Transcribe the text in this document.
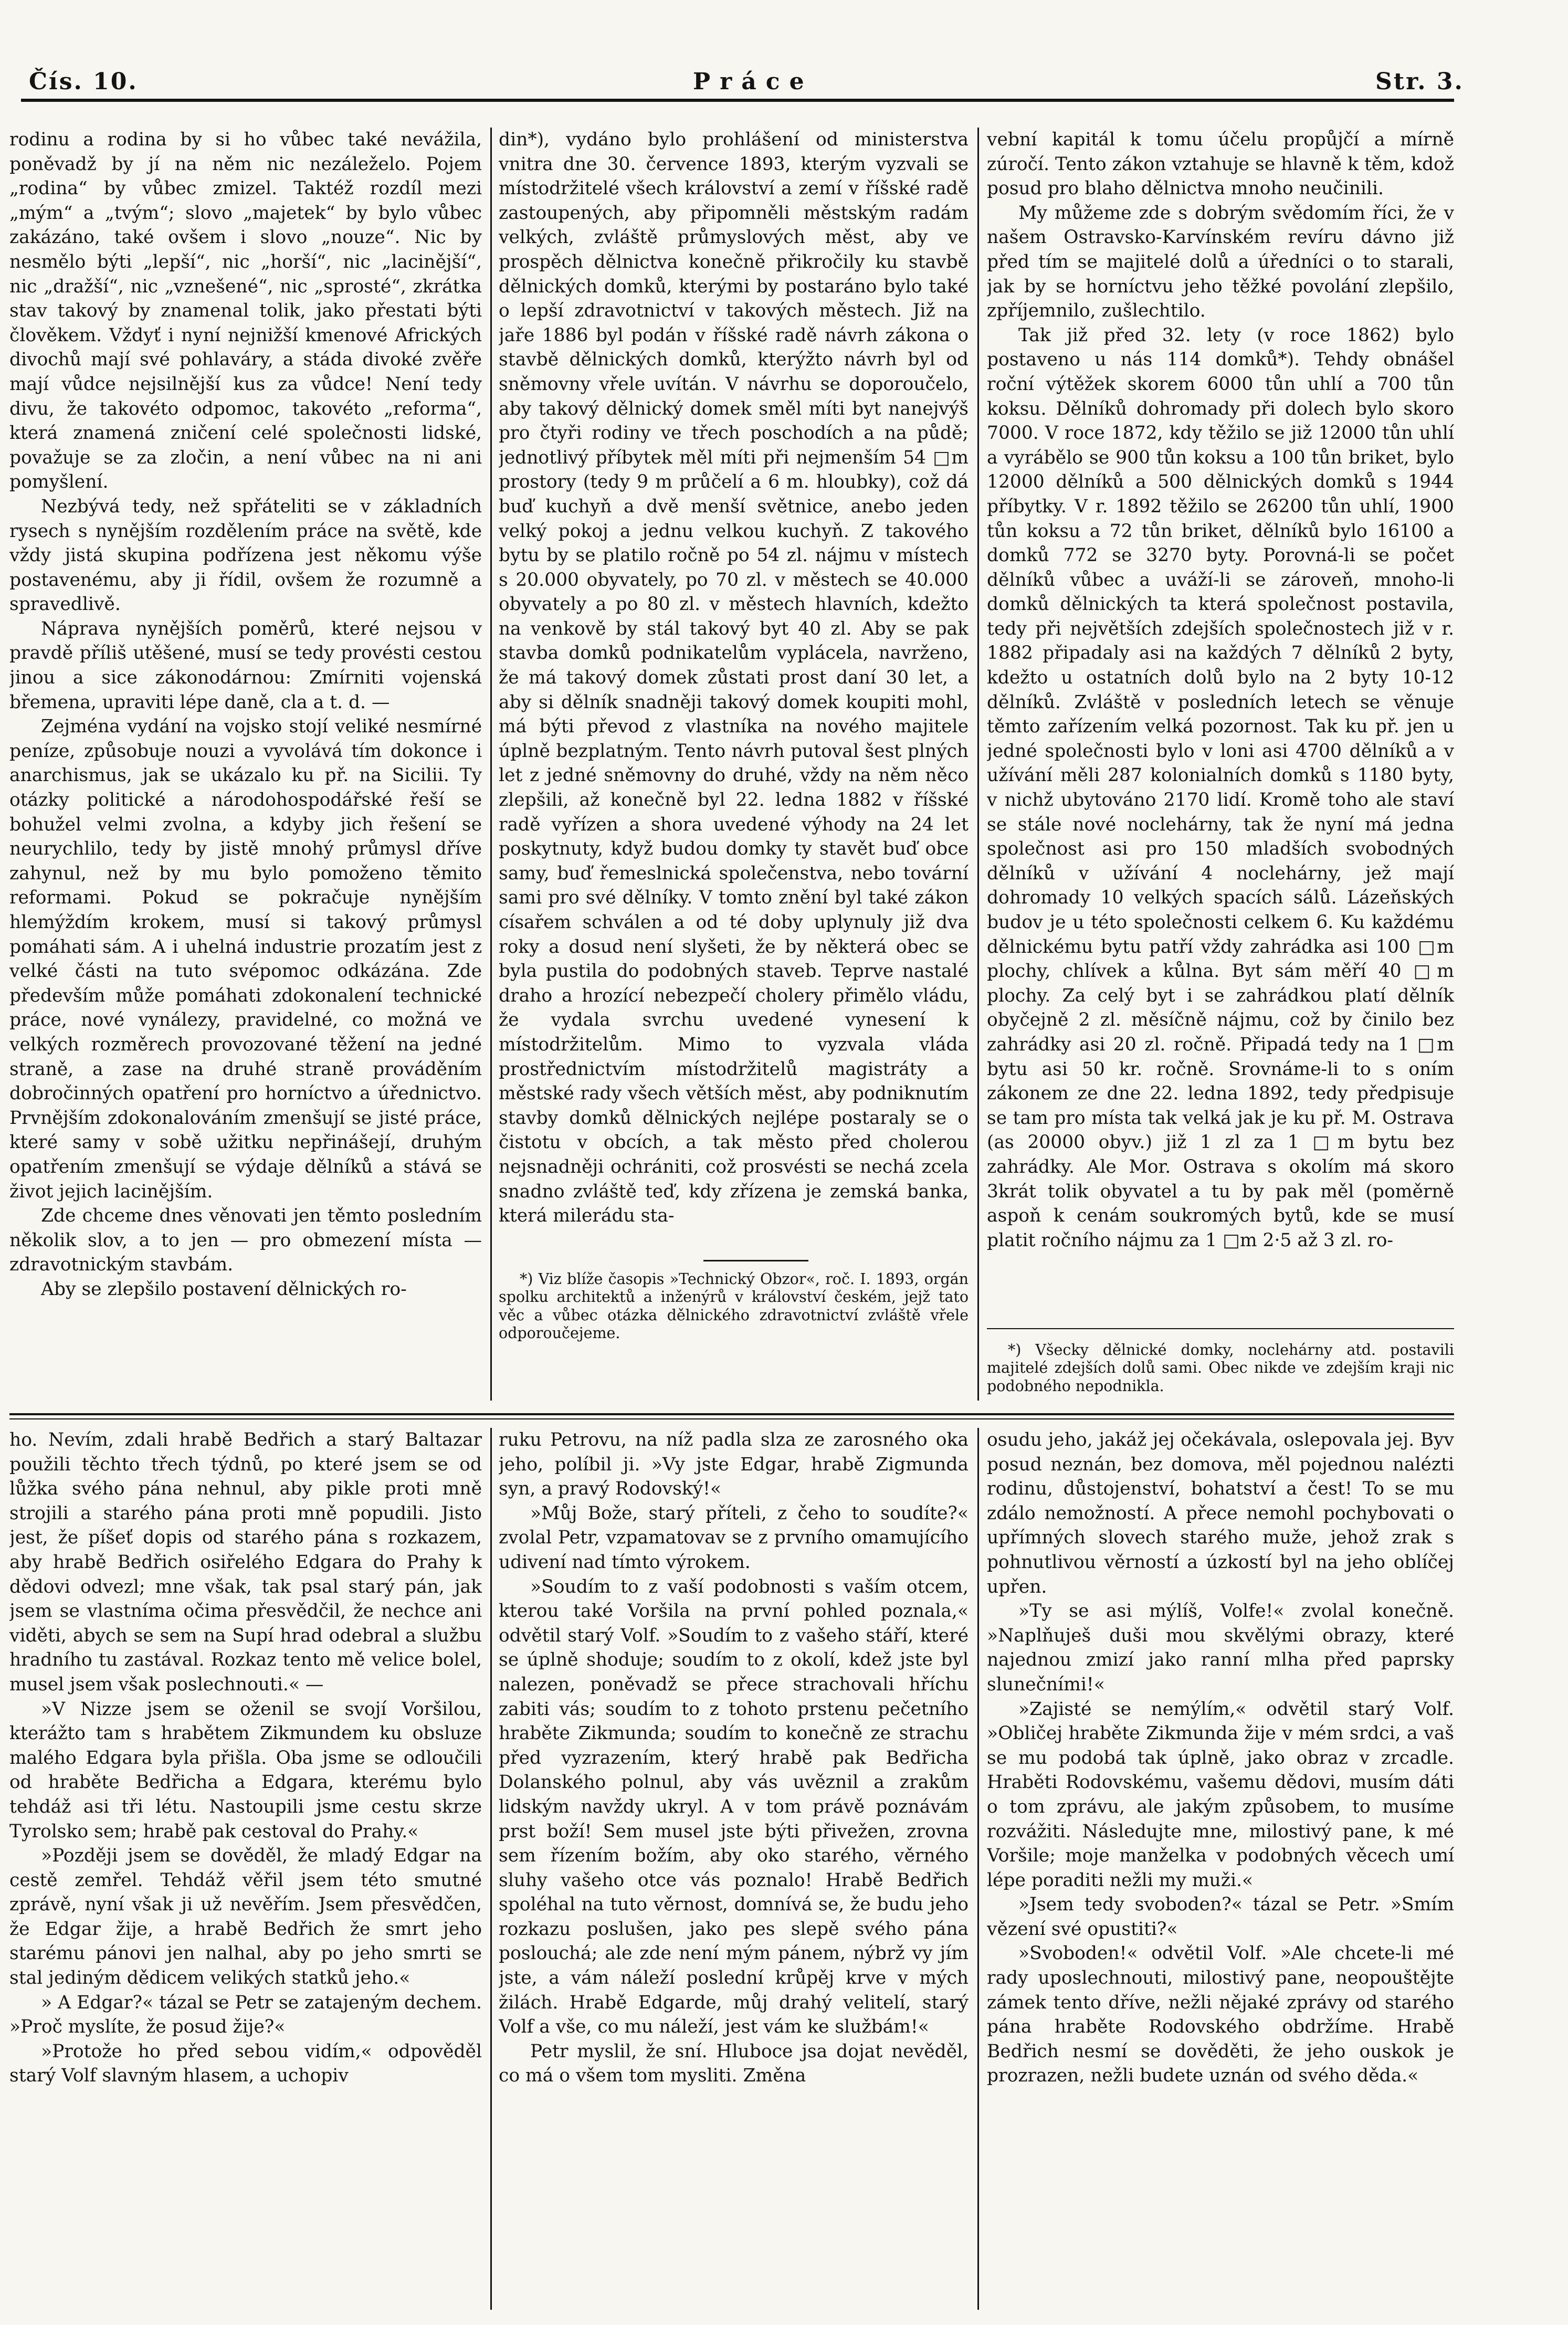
Čís. 10.	Práce	Str. 3.

rodinu a rodina by si ho vůbec také nevážila, poněvadž by jí na něm nic nezáleželo. Pojem „rodina“ by vůbec zmizel. Taktéž rozdíl mezi „mým“ a „tvým“; slovo „majetek“ by bylo vůbec zakázáno, také ovšem i slovo „nouze“. Nic by nesmělo býti „lepší“, nic „horší“, nic „lacinější“, nic „dražší“, nic „vznešené“, nic „sprosté“, zkrátka stav takový by znamenal tolik, jako přestati býti člověkem. Vždyť i nyní nejnižší kmenové Afrických divochů mají své pohlaváry, a stáda divoké zvěře mají vůdce nejsilnější kus za vůdce! Není tedy divu, že takovéto odpomoc, takovéto „reforma“, která znamená zničení celé společnosti lidské, považuje se za zločin, a není vůbec na ni ani pomyšlení.

Nezbývá tedy, než spřáteliti se v základních rysech s nynějším rozdělením práce na světě, kde vždy jistá skupina podřízena jest někomu výše postavenému, aby ji řídil, ovšem že rozumně a spravedlivě.

Náprava nynějších poměrů, které nejsou v pravdě příliš utěšené, musí se tedy provésti cestou jinou a sice zákonodárnou: Zmírniti vojenská břemena, upraviti lépe daně, cla a t. d. —

Zejména vydání na vojsko stojí veliké nesmírné peníze, způsobuje nouzi a vyvolává tím dokonce i anarchismus, jak se ukázalo ku př. na Sicilii. Ty otázky politické a národohospodářské řeší se bohužel velmi zvolna, a kdyby jich řešení se neurychlilo, tedy by jistě mnohý průmysl dříve zahynul, než by mu bylo pomoženo těmito reformami. Pokud se pokračuje nynějším hlemýždím krokem, musí si takový průmysl pomáhati sám. A i uhelná industrie prozatím jest z velké části na tuto svépomoc odkázána. Zde především může pomáhati zdokonalení technické práce, nové vynálezy, pravidelné, co možná ve velkých rozměrech provozované těžení na jedné straně, a zase na druhé straně prováděním dobročinných opatření pro horníctvo a úřednictvo. Prvnějším zdokonalováním zmenšují se jisté práce, které samy v sobě užitku nepřinášejí, druhým opatřením zmenšují se výdaje dělníků a stává se život jejich lacinějším.

Zde chceme dnes věnovati jen těmto posledním několik slov, a to jen — pro obmezení místa — zdravotnickým stavbám.

Aby se zlepšilo postavení dělnických ro-

din*), vydáno bylo prohlášení od ministerstva vnitra dne 30. července 1893, kterým vyzvali se místodržitelé všech království a zemí v říšské radě zastoupených, aby připomněli městským radám velkých, zvláště průmyslových měst, aby ve prospěch dělnictva konečně přikročily ku stavbě dělnických domků, kterými by postaráno bylo také o lepší zdravotnictví v takových městech. Již na jaře 1886 byl podán v říšské radě návrh zákona o stavbě dělnických domků, kterýžto návrh byl od sněmovny vřele uvítán. V návrhu se doporoučelo, aby takový dělnický domek směl míti byt nanejvýš pro čtyři rodiny ve třech poschodích a na půdě; jednotlivý příbytek měl míti při nejmenším 54 □m prostory (tedy 9 m průčelí a 6 m. hloubky), což dá buď kuchyň a dvě menší světnice, anebo jeden velký pokoj a jednu velkou kuchyň. Z takového bytu by se platilo ročně po 54 zl. nájmu v místech s 20.000 obyvately, po 70 zl. v městech se 40.000 obyvately a po 80 zl. v městech hlavních, kdežto na venkově by stál takový byt 40 zl. Aby se pak stavba domků podnikatelům vyplácela, navrženo, že má takový domek zůstati prost daní 30 let, a aby si dělník snadněji takový domek koupiti mohl, má býti převod z vlastníka na nového majitele úplně bezplatným. Tento návrh putoval šest plných let z jedné sněmovny do druhé, vždy na něm něco zlepšili, až konečně byl 22. ledna 1882 v říšské radě vyřízen a shora uvedené výhody na 24 let poskytnuty, když budou domky ty stavět buď obce samy, buď řemeslnická společenstva, nebo tovární sami pro své dělníky. V tomto znění byl také zákon císařem schválen a od té doby uplynuly již dva roky a dosud není slyšeti, že by některá obec se byla pustila do podobných staveb. Teprve nastalé draho a hrozící nebezpečí cholery přimělo vládu, že vydala svrchu uvedené vynesení k místodržitelům. Mimo to vyzvala vláda prostřednictvím místodržitelů magistráty a městské rady všech větších měst, aby podniknutím stavby domků dělnických nejlépe postaraly se o čistotu v obcích, a tak město před cholerou nejsnadněji ochrániti, což prosvésti se nechá zcela snadno zvláště teď, kdy zřízena je zemská banka, která milerádu sta-

*) Viz blíže časopis »Technický Obzor«, roč. I. 1893, orgán spolku architektů a inženýrů v království českém, jejž tato věc a vůbec otázka dělnického zdravotnictví zvláště vřele odporoučejeme.

vební kapitál k tomu účelu propůjčí a mírně zúročí. Tento zákon vztahuje se hlavně k těm, kdož posud pro blaho dělnictva mnoho neučinili.

My můžeme zde s dobrým svědomím říci, že v našem Ostravsko-Karvínském revíru dávno již před tím se majitelé dolů a úředníci o to starali, jak by se horníctvu jeho těžké povolání zlepšilo, zpříjemnilo, zušlechtilo.

Tak již před 32. lety (v roce 1862) bylo postaveno u nás 114 domků*). Tehdy obnášel roční výtěžek skorem 6000 tůn uhlí a 700 tůn koksu. Dělníků dohromady při dolech bylo skoro 7000. V roce 1872, kdy těžilo se již 12000 tůn uhlí a vyrábělo se 900 tůn koksu a 100 tůn briket, bylo 12000 dělníků a 500 dělnických domků s 1944 příbytky. V r. 1892 těžilo se 26200 tůn uhlí, 1900 tůn koksu a 72 tůn briket, dělníků bylo 16100 a domků 772 se 3270 byty. Porovná-li se počet dělníků vůbec a uváží-li se zároveň, mnoho-li domků dělnických ta která společnost postavila, tedy při největších zdejších společnostech již v r. 1882 připadaly asi na každých 7 dělníků 2 byty, kdežto u ostatních dolů bylo na 2 byty 10-12 dělníků. Zvláště v posledních letech se věnuje těmto zařízením velká pozornost. Tak ku př. jen u jedné společnosti bylo v loni asi 4700 dělníků a v užívání měli 287 kolonialních domků s 1180 byty, v nichž ubytováno 2170 lidí. Kromě toho ale staví se stále nové noclehárny, tak že nyní má jedna společnost asi pro 150 mladších svobodných dělníků v užívání 4 noclehárny, jež mají dohromady 10 velkých spacích sálů. Lázeňských budov je u této společnosti celkem 6. Ku každému dělnickému bytu patří vždy zahrádka asi 100 □m plochy, chlívek a kůlna. Byt sám měří 40 □m plochy. Za celý byt i se zahrádkou platí dělník obyčejně 2 zl. měsíčně nájmu, což by činilo bez zahrádky asi 20 zl. ročně. Připadá tedy na 1 □m bytu asi 50 kr. ročně. Srovnáme-li to s oním zákonem ze dne 22. ledna 1892, tedy předpisuje se tam pro místa tak velká jak je ku př. M. Ostrava (as 20000 obyv.) již 1 zl za 1 □m bytu bez zahrádky. Ale Mor. Ostrava s okolím má skoro 3krát tolik obyvatel a tu by pak měl (poměrně aspoň k cenám soukromých bytů, kde se musí platit ročního nájmu za 1 □m 2·5 až 3 zl. ro-

*) Všecky dělnické domky, noclehárny atd. postavili majitelé zdejších dolů sami. Obec nikde ve zdejším kraji nic podobného nepodnikla.

ho. Nevím, zdali hrabě Bedřich a starý Baltazar použili těchto třech týdnů, po které jsem se od lůžka svého pána nehnul, aby pikle proti mně strojili a starého pána proti mně popudili. Jisto jest, že píšeť dopis od starého pána s rozkazem, aby hrabě Bedřich osiřelého Edgara do Prahy k dědovi odvezl; mne však, tak psal starý pán, jak jsem se vlastníma očima přesvědčil, že nechce ani viděti, abych se sem na Supí hrad odebral a službu hradního tu zastával. Rozkaz tento mě velice bolel, musel jsem však poslechnouti.« —

»V Nizze jsem se oženil se svojí Voršilou, kterážto tam s hrabětem Zikmundem ku obsluze malého Edgara byla přišla. Oba jsme se odloučili od hraběte Bedřicha a Edgara, kterému bylo tehdáž asi tři létu. Nastoupili jsme cestu skrze Tyrolsko sem; hrabě pak cestoval do Prahy.«

»Později jsem se dověděl, že mladý Edgar na cestě zemřel. Tehdáž věřil jsem této smutné zprávě, nyní však ji už nevěřím. Jsem přesvědčen, že Edgar žije, a hrabě Bedřich že smrt jeho starému pánovi jen nalhal, aby po jeho smrti se stal jediným dědicem velikých statků jeho.«

» A Edgar?« tázal se Petr se zatajeným dechem. »Proč myslíte, že posud žije?«

»Protože ho před sebou vidím,« odpověděl starý Volf slavným hlasem, a uchopiv

ruku Petrovu, na níž padla slza ze zarosného oka jeho, políbil ji. »Vy jste Edgar, hrabě Zigmunda syn, a pravý Rodovský!«

»Můj Bože, starý příteli, z čeho to soudíte?« zvolal Petr, vzpamatovav se z prvního omamujícího udivení nad tímto výrokem.

»Soudím to z vaší podobnosti s vaším otcem, kterou také Voršila na první pohled poznala,« odvětil starý Volf. »Soudím to z vašeho stáří, které se úplně shoduje; soudím to z okolí, kdež jste byl nalezen, poněvadž se přece strachovali hříchu zabiti vás; soudím to z tohoto prstenu pečetního hraběte Zikmunda; soudím to konečně ze strachu před vyzrazením, který hrabě pak Bedřicha Dolanského polnul, aby vás uvěznil a zrakům lidským navždy ukryl. A v tom právě poznávám prst boží! Sem musel jste býti přivežen, zrovna sem řízením božím, aby oko starého, věrného sluhy vašeho otce vás poznalo! Hrabě Bedřich spoléhal na tuto věrnost, domnívá se, že budu jeho rozkazu poslušen, jako pes slepě svého pána poslouchá; ale zde není mým pánem, nýbrž vy jím jste, a vám náleží poslední krůpěj krve v mých žilách. Hrabě Edgarde, můj drahý velitelí, starý Volf a vše, co mu náleží, jest vám ke službám!«

Petr myslil, že sní. Hluboce jsa dojat nevěděl, co má o všem tom mysliti. Změna

osudu jeho, jakáž jej očekávala, oslepovala jej. Byv posud neznán, bez domova, měl pojednou nalézti rodinu, důstojenství, bohatství a čest! To se mu zdálo nemožností. A přece nemohl pochybovati o upřímných slovech starého muže, jehož zrak s pohnutlivou věrností a úzkostí byl na jeho oblíčej upřen.

»Ty se asi mýlíš, Volfe!« zvolal konečně. »Naplňuješ duši mou skvělými obrazy, které najednou zmizí jako ranní mlha před paprsky slunečními!«

»Zajisté se nemýlím,« odvětil starý Volf. »Obličej hraběte Zikmunda žije v mém srdci, a vaš se mu podobá tak úplně, jako obraz v zrcadle. Hraběti Rodovskému, vašemu dědovi, musím dáti o tom zprávu, ale jakým způsobem, to musíme rozvážiti. Následujte mne, milostivý pane, k mé Voršile; moje manželka v podobných věcech umí lépe poraditi nežli my muži.«

»Jsem tedy svoboden?« tázal se Petr. »Smím vězení své opustiti?«

»Svoboden!« odvětil Volf. »Ale chcete-li mé rady uposlechnouti, milostivý pane, neopouštějte zámek tento dříve, nežli nějaké zprávy od starého pána hraběte Rodovského obdržíme. Hrabě Bedřich nesmí se dověděti, že jeho ouskok je prozrazen, nežli budete uznán od svého děda.«
